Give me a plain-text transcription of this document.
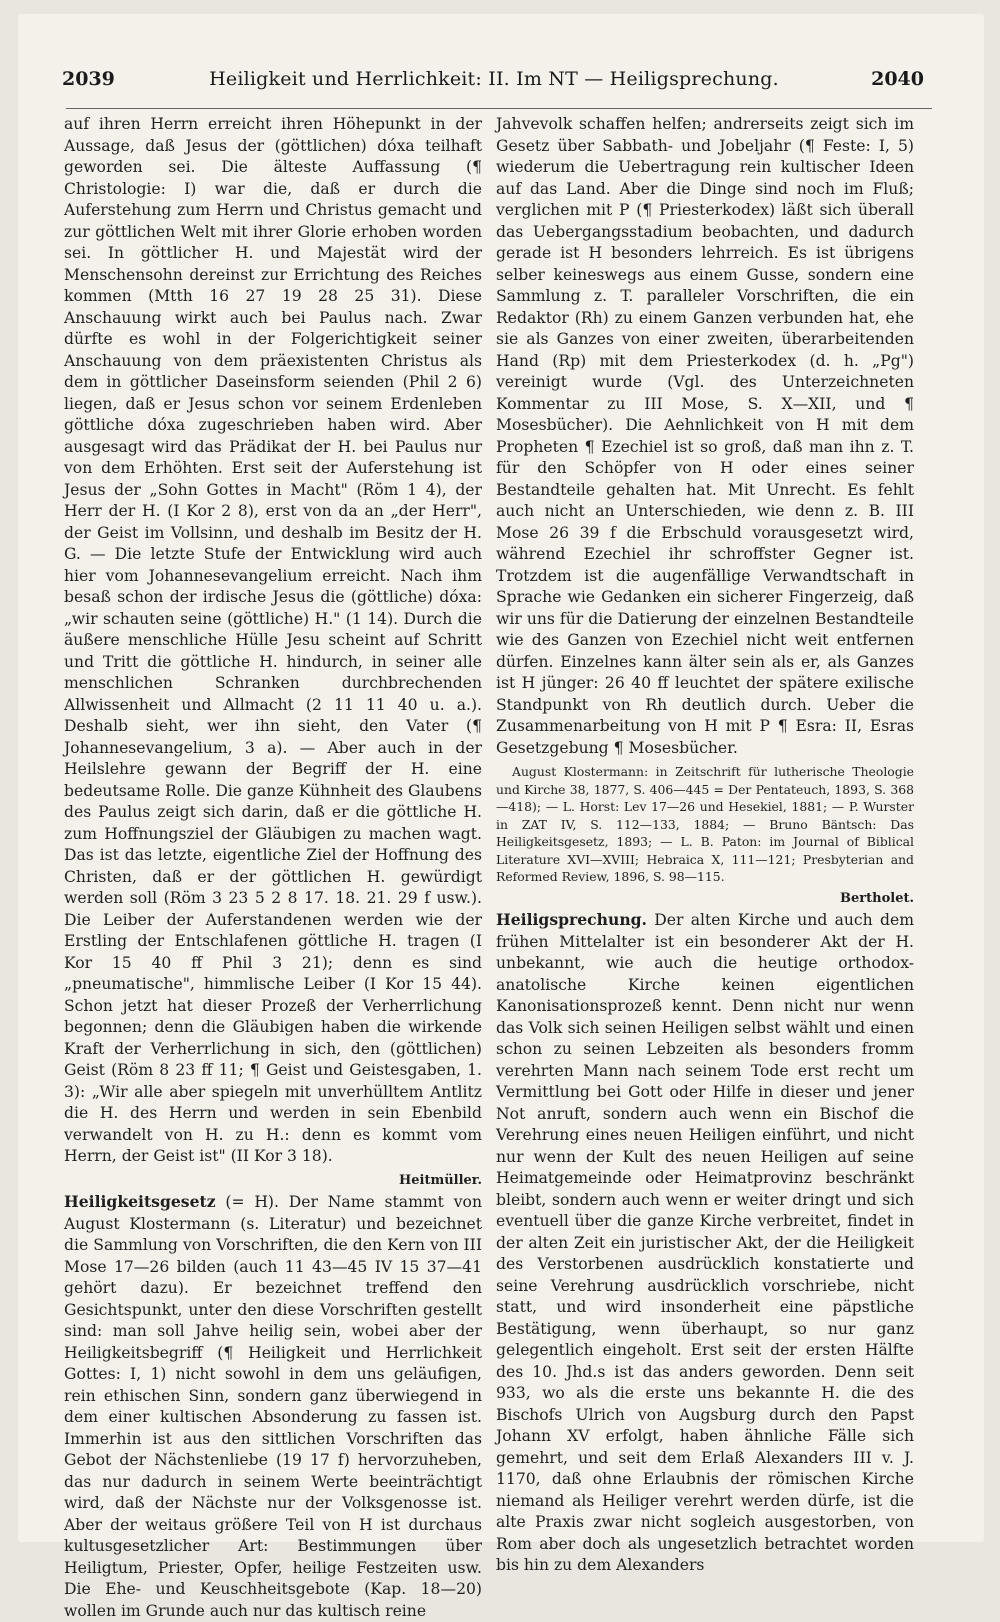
2039	Heiligkeit und Herrlichkeit: II. Im NT — Heiligsprechung.	2040

auf ihren Herrn erreicht ihren Höhepunkt in der Aussage, daß Jesus der (göttlichen) dóxa teilhaft geworden sei. Die älteste Auffassung (¶ Christologie: I) war die, daß er durch die Auferstehung zum Herrn und Christus gemacht und zur göttlichen Welt mit ihrer Glorie erhoben worden sei. In göttlicher H. und Majestät wird der Menschensohn dereinst zur Errichtung des Reiches kommen (Mtth 16 27 19 28 25 31). Diese Anschauung wirkt auch bei Paulus nach. Zwar dürfte es wohl in der Folgerichtigkeit seiner Anschauung von dem präexistenten Christus als dem in göttlicher Daseinsform seienden (Phil 2 6) liegen, daß er Jesus schon vor seinem Erdenleben göttliche dóxa zugeschrieben haben wird. Aber ausgesagt wird das Prädikat der H. bei Paulus nur von dem Erhöhten. Erst seit der Auferstehung ist Jesus der „Sohn Gottes in Macht" (Röm 1 4), der Herr der H. (I Kor 2 8), erst von da an „der Herr", der Geist im Vollsinn, und deshalb im Besitz der H. G. — Die letzte Stufe der Entwicklung wird auch hier vom Johannesevangelium erreicht. Nach ihm besaß schon der irdische Jesus die (göttliche) dóxa: „wir schauten seine (göttliche) H." (1 14). Durch die äußere menschliche Hülle Jesu scheint auf Schritt und Tritt die göttliche H. hindurch, in seiner alle menschlichen Schranken durchbrechenden Allwissenheit und Allmacht (2 11 11 40 u. a.). Deshalb sieht, wer ihn sieht, den Vater (¶ Johannesevangelium, 3 a). — Aber auch in der Heilslehre gewann der Begriff der H. eine bedeutsame Rolle. Die ganze Kühnheit des Glaubens des Paulus zeigt sich darin, daß er die göttliche H. zum Hoffnungsziel der Gläubigen zu machen wagt. Das ist das letzte, eigentliche Ziel der Hoffnung des Christen, daß er der göttlichen H. gewürdigt werden soll (Röm 3 23 5 2 8 17. 18. 21. 29 f usw.). Die Leiber der Auferstandenen werden wie der Erstling der Entschlafenen göttliche H. tragen (I Kor 15 40 ff Phil 3 21); denn es sind „pneumatische", himmlische Leiber (I Kor 15 44). Schon jetzt hat dieser Prozeß der Verherrlichung begonnen; denn die Gläubigen haben die wirkende Kraft der Verherrlichung in sich, den (göttlichen) Geist (Röm 8 23 ff 11; ¶ Geist und Geistesgaben, 1. 3): „Wir alle aber spiegeln mit unverhülltem Antlitz die H. des Herrn und werden in sein Ebenbild verwandelt von H. zu H.: denn es kommt vom Herrn, der Geist ist" (II Kor 3 18).

Heitmüller.

Heiligkeitsgesetz (= H). Der Name stammt von August Klostermann (s. Literatur) und bezeichnet die Sammlung von Vorschriften, die den Kern von III Mose 17—26 bilden (auch 11 43—45 IV 15 37—41 gehört dazu). Er bezeichnet treffend den Gesichtspunkt, unter den diese Vorschriften gestellt sind: man soll Jahve heilig sein, wobei aber der Heiligkeitsbegriff (¶ Heiligkeit und Herrlichkeit Gottes: I, 1) nicht sowohl in dem uns geläufigen, rein ethischen Sinn, sondern ganz überwiegend in dem einer kultischen Absonderung zu fassen ist. Immerhin ist aus den sittlichen Vorschriften das Gebot der Nächstenliebe (19 17 f) hervorzuheben, das nur dadurch in seinem Werte beeinträchtigt wird, daß der Nächste nur der Volksgenosse ist. Aber der weitaus größere Teil von H ist durchaus kultusgesetzlicher Art: Bestimmungen über Heiligtum, Priester, Opfer, heilige Festzeiten usw. Die Ehe- und Keuschheitsgebote (Kap. 18—20) wollen im Grunde auch nur das kultisch reine

Jahvevolk schaffen helfen; andrerseits zeigt sich im Gesetz über Sabbath- und Jobeljahr (¶ Feste: I, 5) wiederum die Uebertragung rein kultischer Ideen auf das Land. Aber die Dinge sind noch im Fluß; verglichen mit P (¶ Priesterkodex) läßt sich überall das Uebergangsstadium beobachten, und dadurch gerade ist H besonders lehrreich. Es ist übrigens selber keineswegs aus einem Gusse, sondern eine Sammlung z. T. paralleler Vorschriften, die ein Redaktor (Rh) zu einem Ganzen verbunden hat, ehe sie als Ganzes von einer zweiten, überarbeitenden Hand (Rp) mit dem Priesterkodex (d. h. „Pg") vereinigt wurde (Vgl. des Unterzeichneten Kommentar zu III Mose, S. X—XII, und ¶ Mosesbücher). Die Aehnlichkeit von H mit dem Propheten ¶ Ezechiel ist so groß, daß man ihn z. T. für den Schöpfer von H oder eines seiner Bestandteile gehalten hat. Mit Unrecht. Es fehlt auch nicht an Unterschieden, wie denn z. B. III Mose 26 39 f die Erbschuld vorausgesetzt wird, während Ezechiel ihr schroffster Gegner ist. Trotzdem ist die augenfällige Verwandtschaft in Sprache wie Gedanken ein sicherer Fingerzeig, daß wir uns für die Datierung der einzelnen Bestandteile wie des Ganzen von Ezechiel nicht weit entfernen dürfen. Einzelnes kann älter sein als er, als Ganzes ist H jünger: 26 40 ff leuchtet der spätere exilische Standpunkt von Rh deutlich durch. Ueber die Zusammenarbeitung von H mit P ¶ Esra: II, Esras Gesetzgebung ¶ Mosesbücher.

August Klostermann: in Zeitschrift für lutherische Theologie und Kirche 38, 1877, S. 406—445 = Der Pentateuch, 1893, S. 368—418); — L. Horst: Lev 17—26 und Hesekiel, 1881; — P. Wurster in ZAT IV, S. 112—133, 1884; — Bruno Bäntsch: Das Heiligkeitsgesetz, 1893; — L. B. Paton: im Journal of Biblical Literature XVI—XVIII; Hebraica X, 111—121; Presbyterian and Reformed Review, 1896, S. 98—115.

Bertholet.

Heiligsprechung. Der alten Kirche und auch dem frühen Mittelalter ist ein besonderer Akt der H. unbekannt, wie auch die heutige orthodox-anatolische Kirche keinen eigentlichen Kanonisationsprozeß kennt. Denn nicht nur wenn das Volk sich seinen Heiligen selbst wählt und einen schon zu seinen Lebzeiten als besonders fromm verehrten Mann nach seinem Tode erst recht um Vermittlung bei Gott oder Hilfe in dieser und jener Not anruft, sondern auch wenn ein Bischof die Verehrung eines neuen Heiligen einführt, und nicht nur wenn der Kult des neuen Heiligen auf seine Heimatgemeinde oder Heimatprovinz beschränkt bleibt, sondern auch wenn er weiter dringt und sich eventuell über die ganze Kirche verbreitet, findet in der alten Zeit ein juristischer Akt, der die Heiligkeit des Verstorbenen ausdrücklich konstatierte und seine Verehrung ausdrücklich vorschriebe, nicht statt, und wird insonderheit eine päpstliche Bestätigung, wenn überhaupt, so nur ganz gelegentlich eingeholt. Erst seit der ersten Hälfte des 10. Jhd.s ist das anders geworden. Denn seit 933, wo als die erste uns bekannte H. die des Bischofs Ulrich von Augsburg durch den Papst Johann XV erfolgt, haben ähnliche Fälle sich gemehrt, und seit dem Erlaß Alexanders III v. J. 1170, daß ohne Erlaubnis der römischen Kirche niemand als Heiliger verehrt werden dürfe, ist die alte Praxis zwar nicht sogleich ausgestorben, von Rom aber doch als ungesetzlich betrachtet worden bis hin zu dem Alexanders
